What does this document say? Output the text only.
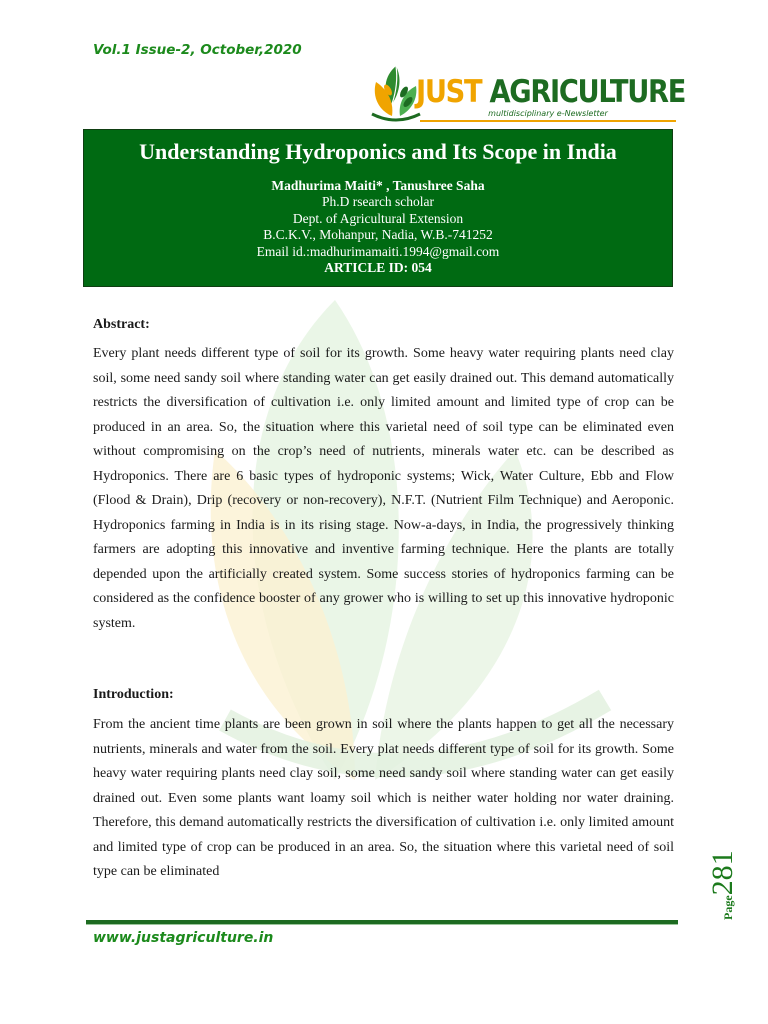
Vol.1 Issue-2, October,2020
JUST AGRICULTURE
multidisciplinary e-Newsletter
Understanding Hydroponics and Its Scope in India
Madhurima Maiti* , Tanushree Saha
Ph.D rsearch scholar
Dept. of Agricultural Extension
B.C.K.V., Mohanpur, Nadia, W.B.-741252
Email id.:madhurimamaiti.1994@gmail.com
ARTICLE ID: 054
Abstract:
Every plant needs different type of soil for its growth. Some heavy water requiring plants need clay soil, some need sandy soil where standing water can get easily drained out. This demand automatically restricts the diversification of cultivation i.e. only limited amount and limited type of crop can be produced in an area. So, the situation where this varietal need of soil type can be eliminated even without compromising on the crop’s need of nutrients, minerals water etc. can be described as Hydroponics. There are 6 basic types of hydroponic systems; Wick, Water Culture, Ebb and Flow (Flood & Drain), Drip (recovery or non-recovery), N.F.T. (Nutrient Film Technique) and Aeroponic. Hydroponics farming in India is in its rising stage. Now-a-days, in India, the progressively thinking farmers are adopting this innovative and inventive farming technique. Here the plants are totally depended upon the artificially created system. Some success stories of hydroponics farming can be considered as the confidence booster of any grower who is willing to set up this innovative hydroponic system.
Introduction:
From the ancient time plants are been grown in soil where the plants happen to get all the necessary nutrients, minerals and water from the soil. Every plat needs different type of soil for its growth. Some heavy water requiring plants need clay soil, some need sandy soil where standing water can get easily drained out. Even some plants want loamy soil which is neither water holding nor water draining. Therefore, this demand automatically restricts the diversification of cultivation i.e. only limited amount and limited type of crop can be produced in an area. So, the situation where this varietal need of soil type can be eliminated
Page281
www.justagriculture.in
